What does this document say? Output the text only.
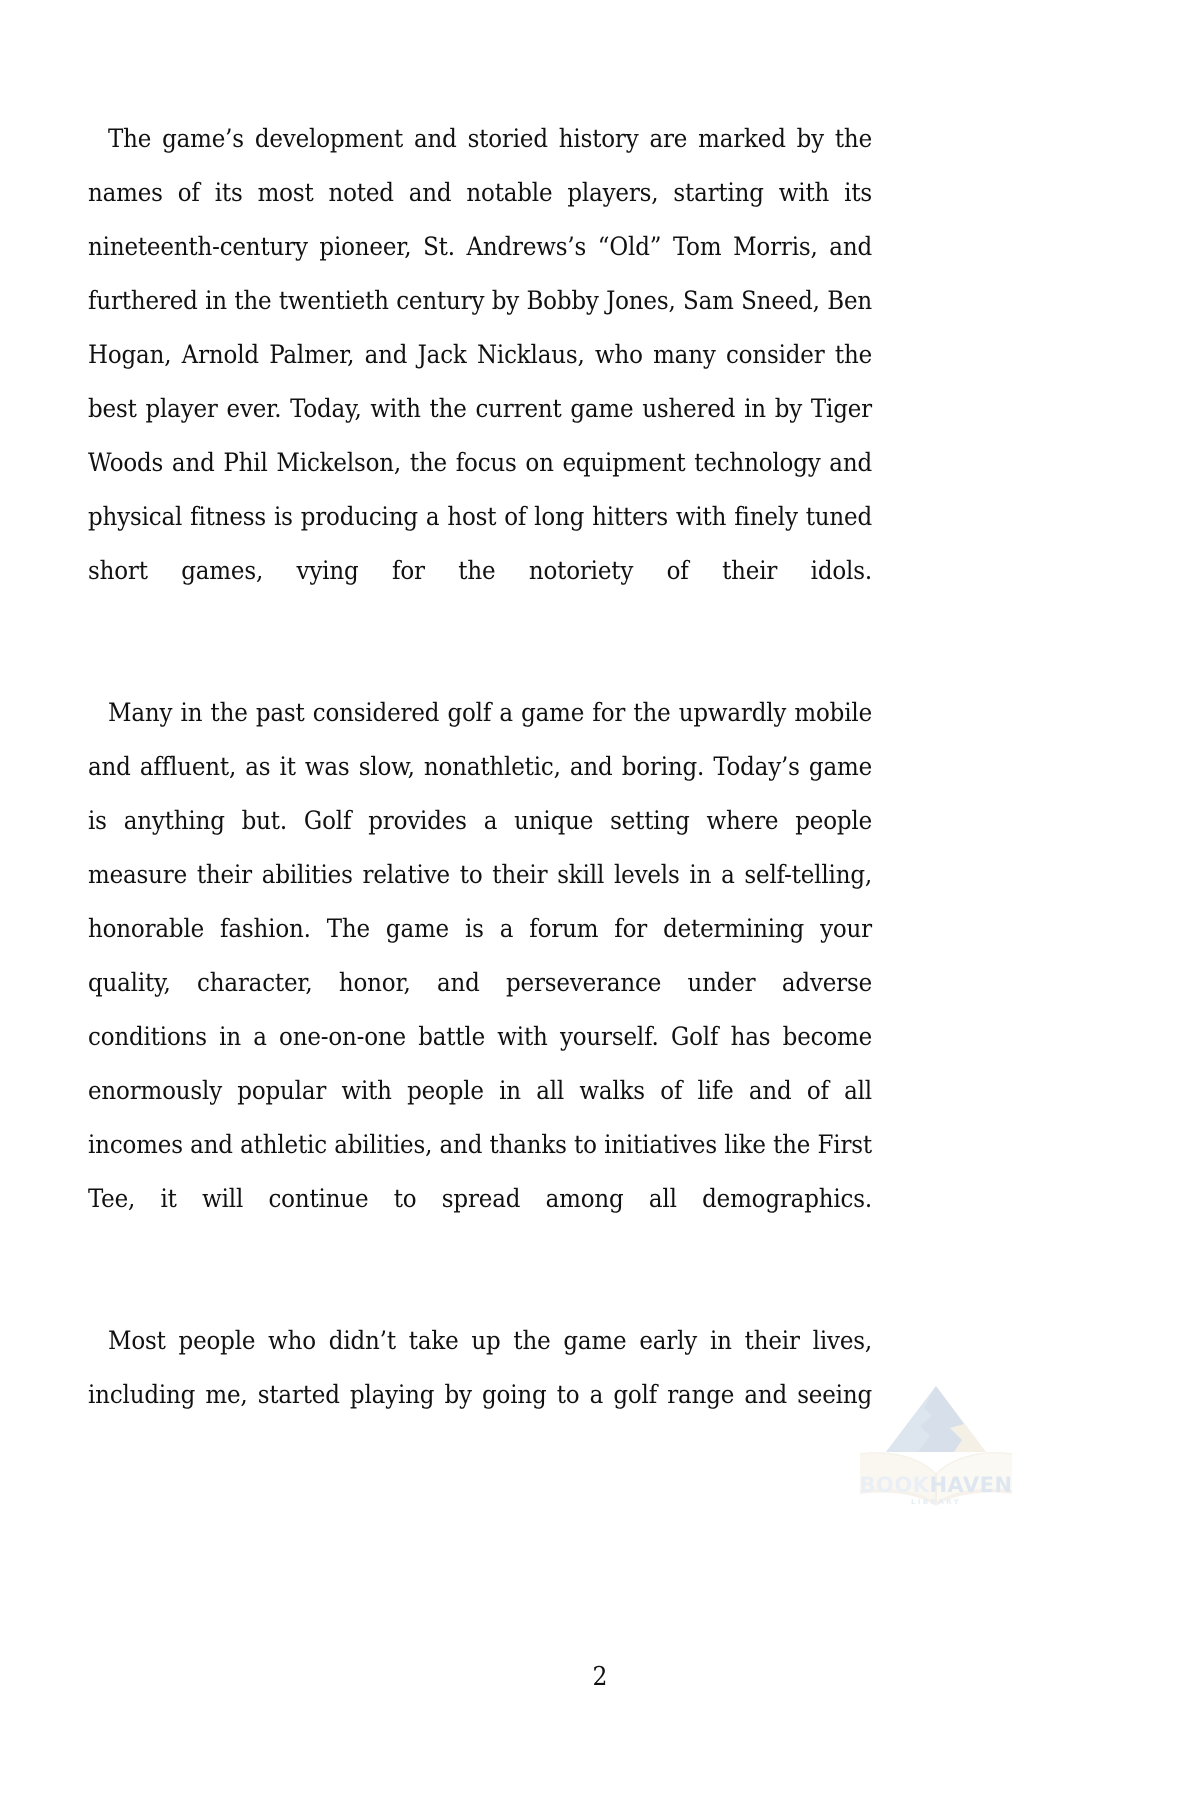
The game’s development and storied history are marked by the names of its most noted and notable players, starting with its nineteenth-century pioneer, St. Andrews’s “Old” Tom Morris, and furthered in the twentieth century by Bobby Jones, Sam Sneed, Ben Hogan, Arnold Palmer, and Jack Nicklaus, who many consider the best player ever. Today, with the current game ushered in by Tiger Woods and Phil Mickelson, the focus on equipment technology and physical fitness is producing a host of long hitters with finely tuned short games, vying for the notoriety of their idols.

Many in the past considered golf a game for the upwardly mobile and affluent, as it was slow, nonathletic, and boring. Today’s game is anything but. Golf provides a unique setting where people measure their abilities relative to their skill levels in a self-telling, honorable fashion. The game is a forum for determining your quality, character, honor, and perseverance under adverse conditions in a one-on-one battle with yourself. Golf has become enormously popular with people in all walks of life and of all incomes and athletic abilities, and thanks to initiatives like the First Tee, it will continue to spread among all demographics.

Most people who didn’t take up the game early in their lives, including me, started playing by going to a golf range and seeing

2
BOOKHAVEN
LIBRARY
